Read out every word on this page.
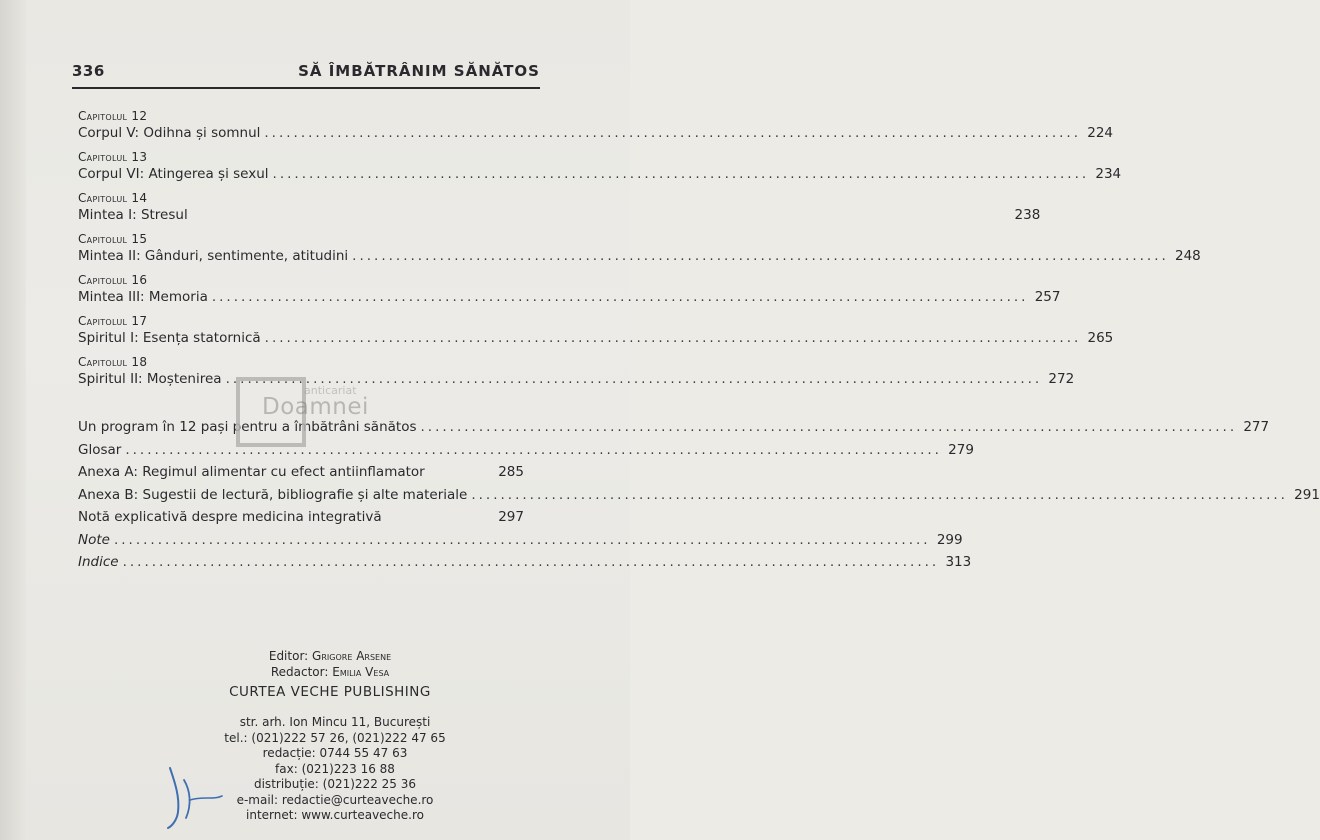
336	SĂ ÎMBĂTRÂNIM SĂNĂTOS
Capitolul 12
Corpul V: Odihna și somnul ................................................................................................................ 224
Capitolul 13
Corpul VI: Atingerea și sexul ................................................................................................................ 234
Capitolul 14
Mintea I: Stresul	238
Capitolul 15
Mintea II: Gânduri, sentimente, atitudini ................................................................................................................ 248
Capitolul 16
Mintea III: Memoria ................................................................................................................ 257
Capitolul 17
Spiritul I: Esența statornică ................................................................................................................ 265
Capitolul 18
Spiritul II: Moștenirea ................................................................................................................ 272
Un program în 12 pași pentru a îmbătrâni sănătos ................................................................................................................ 277
Glosar ................................................................................................................ 279
Anexa A: Regimul alimentar cu efect antiinflamator	285
Anexa B: Sugestii de lectură, bibliografie și alte materiale ................................................................................................................ 291
Notă explicativă despre medicina integrativă	297
Note ................................................................................................................ 299
Indice ................................................................................................................ 313
anticariat
Doamnei
Editor: Grigore Arsene
Redactor: Emilia Vesa
CURTEA VECHE PUBLISHING
str. arh. Ion Mincu 11, București
tel.: (021)222 57 26, (021)222 47 65
redacție: 0744 55 47 63
fax: (021)223 16 88
distribuție: (021)222 25 36
e-mail: redactie@curteaveche.ro
internet: www.curteaveche.ro
